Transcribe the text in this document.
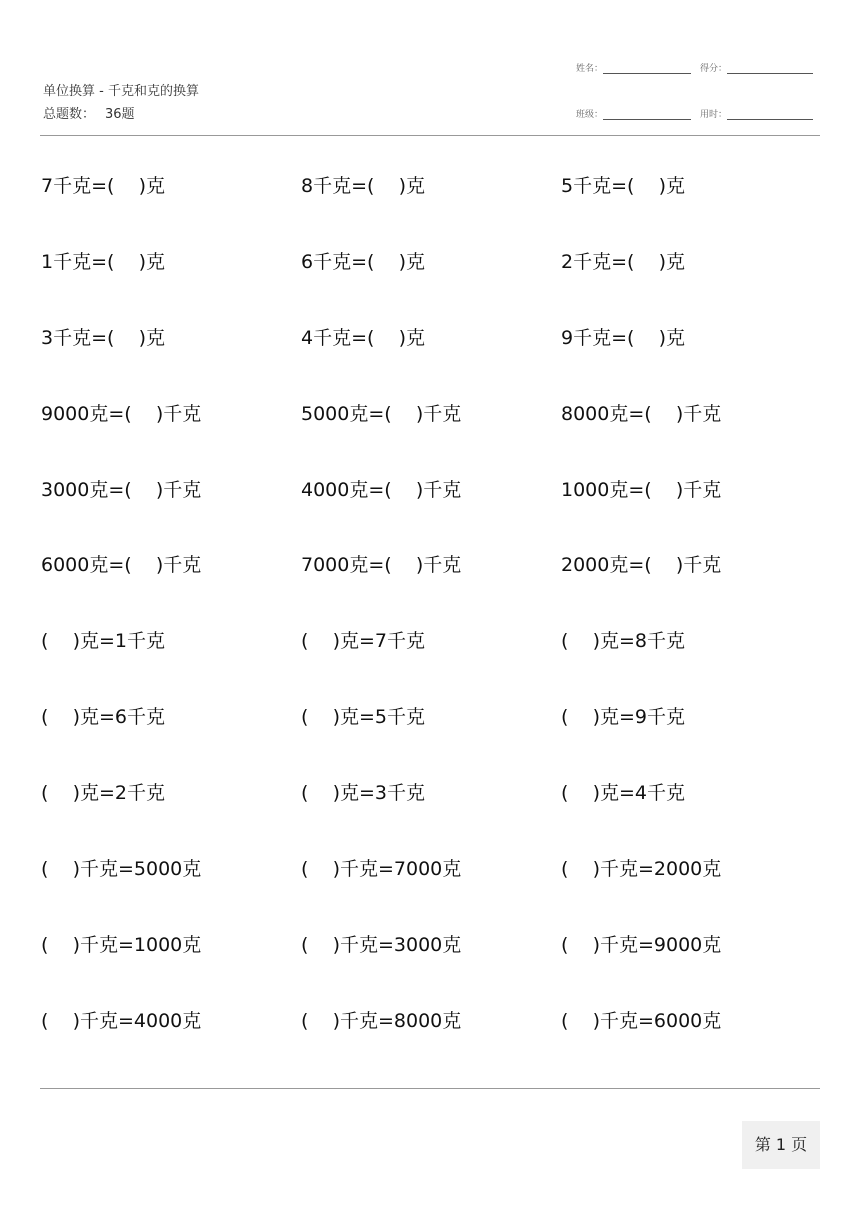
单位换算 - 千克和克的换算
总题数： 36题
姓名：	得分：
班级：	用时：
7千克=(    )克	8千克=(    )克	5千克=(    )克
1千克=(    )克	6千克=(    )克	2千克=(    )克
3千克=(    )克	4千克=(    )克	9千克=(    )克
9000克=(    )千克	5000克=(    )千克	8000克=(    )千克
3000克=(    )千克	4000克=(    )千克	1000克=(    )千克
6000克=(    )千克	7000克=(    )千克	2000克=(    )千克
(    )克=1千克	(    )克=7千克	(    )克=8千克
(    )克=6千克	(    )克=5千克	(    )克=9千克
(    )克=2千克	(    )克=3千克	(    )克=4千克
(    )千克=5000克	(    )千克=7000克	(    )千克=2000克
(    )千克=1000克	(    )千克=3000克	(    )千克=9000克
(    )千克=4000克	(    )千克=8000克	(    )千克=6000克
第 1 页
